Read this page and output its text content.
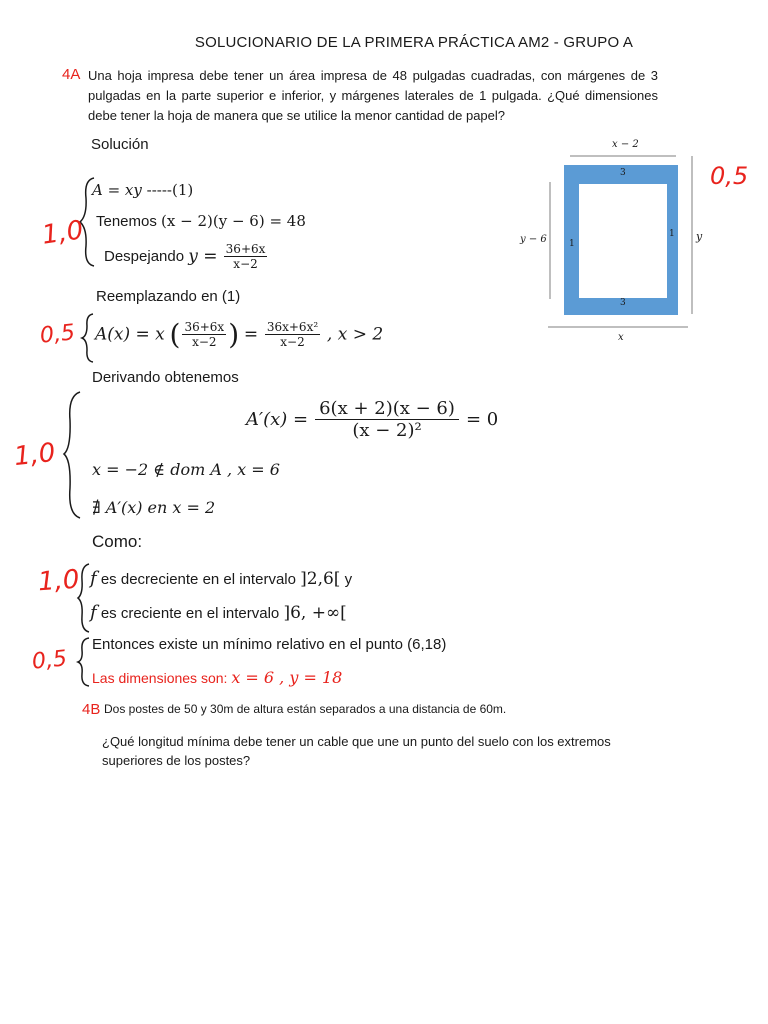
SOLUCIONARIO DE LA PRIMERA PRÁCTICA AM2 - GRUPO A
4A Una hoja impresa debe tener un área impresa de 48 pulgadas cuadradas, con márgenes de 3 pulgadas en la parte superior e inferior, y márgenes laterales de 1 pulgada. ¿Qué dimensiones debe tener la hoja de manera que se utilice la menor cantidad de papel?
Solución	x − 2
3
3
1
1
y − 6	y
x
0,5
1,0
A = xy -----(1)
Tenemos (x − 2)(y − 6) = 48
Despejando $y = \frac{36+6x}{x-2}$
Reemplazando en (1)
0,5 A(x) = x ( $\frac{36+6x}{x-2}$ ) = $\frac{\text{36x+6x²}}{x-2}$ , x > 2
Derivando obtenemos
1,0
$A'(x) = \frac{6(x + 2)(x - 6)}{\text{(x − 2)²}} = 0$
x = −2 ∉ dom A , x = 6
∄ A′(x) en x = 2
Como:
1,0 f es decreciente en el intervalo ]2,6[ y
f es creciente en el intervalo ]6, +∞[
0,5
Entonces existe un mínimo relativo en el punto (6,18)
Las dimensiones son: x = 6 , y = 18
4B Dos postes de 50 y 30m de altura están separados a una distancia de 60m.
¿Qué longitud mínima debe tener un cable que une un punto del suelo con los extremos superiores de los postes?
